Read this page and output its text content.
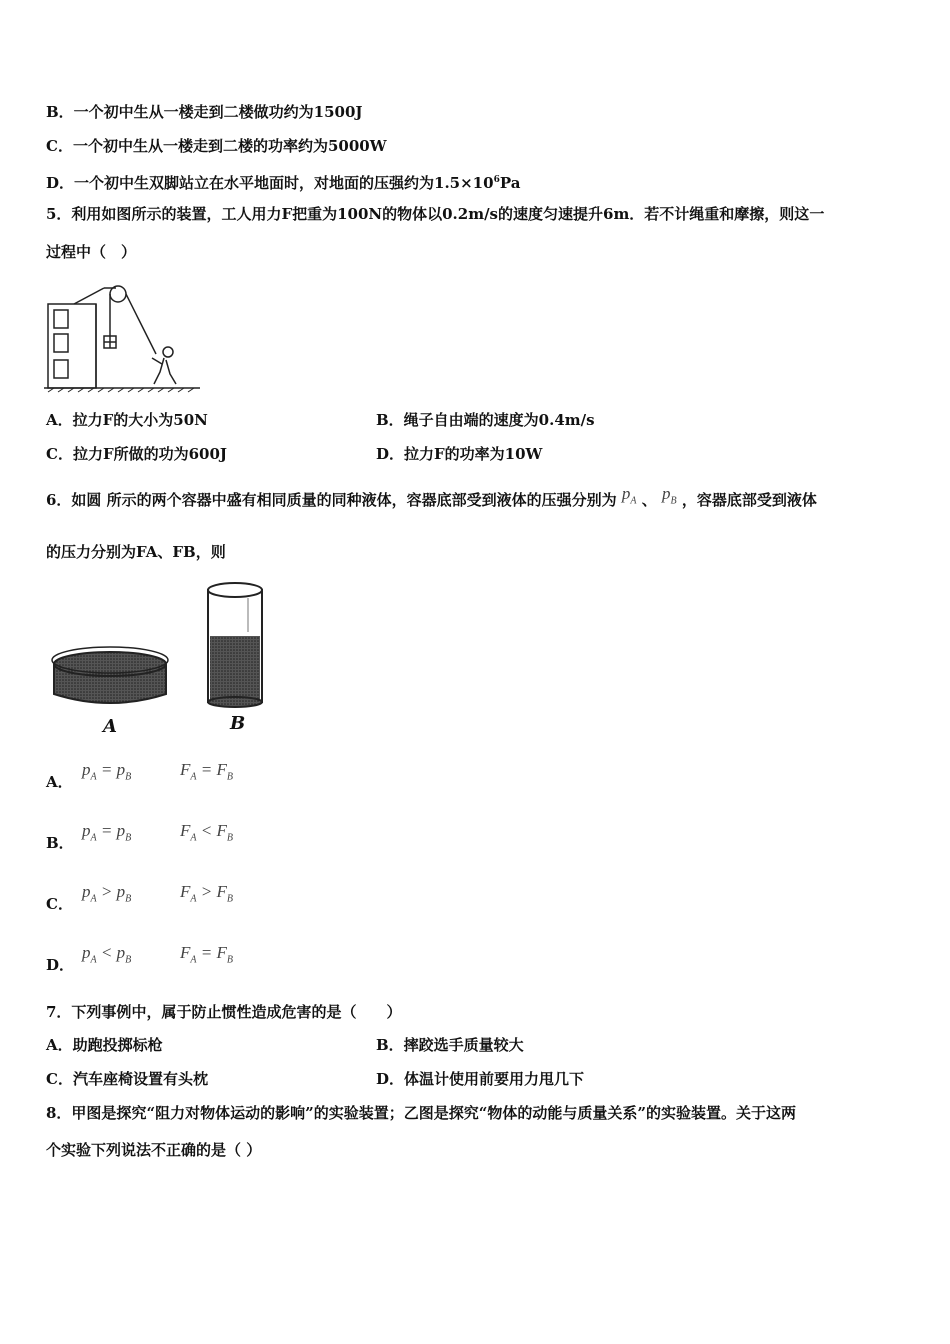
B．一个初中生从一楼走到二楼做功约为1500J
C．一个初中生从一楼走到二楼的功率约为5000W
D．一个初中生双脚站立在水平地面时，对地面的压强约为$1.5\times 10^6Pa$
5．利用如图所示的装置，工人用力F把重为100N的物体以0.2m/s的速度匀速提升6m．若不计绳重和摩擦，则这一
过程中（　）
A．拉力F的大小为50N	B．绳子自由端的速度为0.4m/s
C．拉力F所做的功为600J	D．拉力F的功率为10W
6．如圆 所示的两个容器中盛有相同质量的同种液体，容器底部受到液体的压强分别为 $p_A$ 、 $p_B$ ，容器底部受到液体
的压力分别为FA、FB，则
A	B
A．
$p_A = p_B$	$F_A = F_B$
B．
$p_A = p_B$	$F_A < F_B$
C．
$p_A > p_B$	$F_A > F_B$
D．
$p_A < p_B$	$F_A = F_B$
7．下列事例中，属于防止惯性造成危害的是（　　）
A．助跑投掷标枪	B．摔跤选手质量较大
C．汽车座椅设置有头枕	D．体温计使用前要用力甩几下
8．甲图是探究“阻力对物体运动的影响”的实验装置；乙图是探究“物体的动能与质量关系”的实验装置。关于这两
个实验下列说法不正确的是（ ）
